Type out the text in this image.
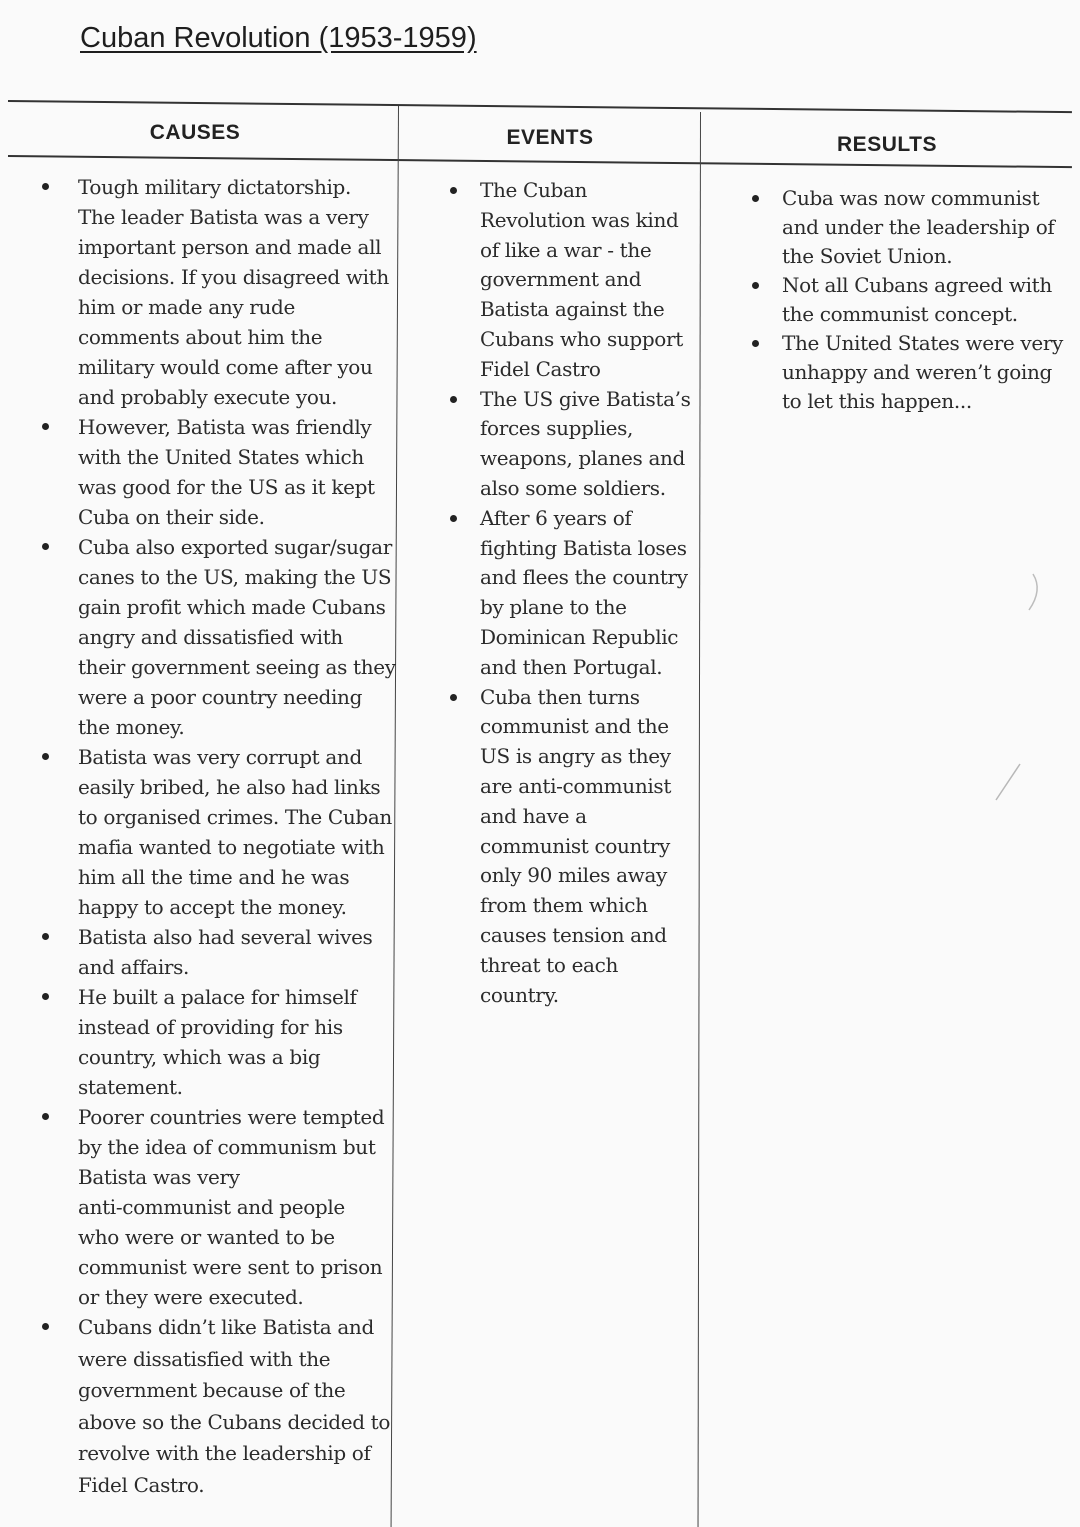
Cuban Revolution (1953-1959)
CAUSES	EVENTS	RESULTS
Tough military dictatorship.
The leader Batista was a very
important person and made all
decisions. If you disagreed with
him or made any rude
comments about him the
military would come after you
and probably execute you.
However, Batista was friendly
with the United States which
was good for the US as it kept
Cuba on their side.
Cuba also exported sugar/sugar
canes to the US, making the US
gain profit which made Cubans
angry and dissatisfied with
their government seeing as they
were a poor country needing
the money.
Batista was very corrupt and
easily bribed, he also had links
to organised crimes. The Cuban
mafia wanted to negotiate with
him all the time and he was
happy to accept the money.
Batista also had several wives
and affairs.
He built a palace for himself
instead of providing for his
country, which was a big
statement.
Poorer countries were tempted
by the idea of communism but
Batista was very
anti-communist and people
who were or wanted to be
communist were sent to prison
or they were executed.
Cubans didn’t like Batista and
were dissatisfied with the
government because of the
above so the Cubans decided to
revolve with the leadership of
Fidel Castro.
The Cuban
Revolution was kind
of like a war - the
government and
Batista against the
Cubans who support
Fidel Castro
The US give Batista’s
forces supplies,
weapons, planes and
also some soldiers.
After 6 years of
fighting Batista loses
and flees the country
by plane to the
Dominican Republic
and then Portugal.
Cuba then turns
communist and the
US is angry as they
are anti-communist
and have a
communist country
only 90 miles away
from them which
causes tension and
threat to each
country.
Cuba was now communist
and under the leadership of
the Soviet Union.
Not all Cubans agreed with
the communist concept.
The United States were very
unhappy and weren’t going
to let this happen...
